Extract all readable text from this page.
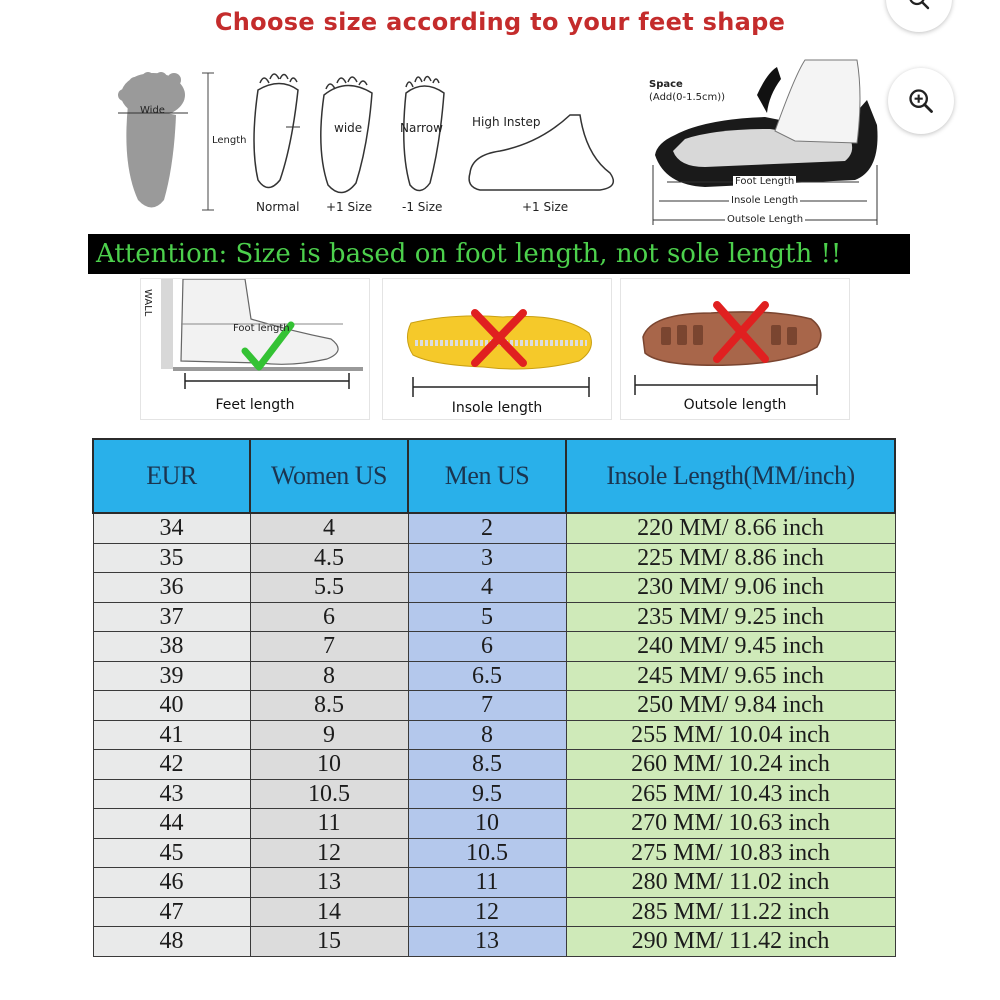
Choose size according to your feet shape
Wide
Length
wide	Narrow High Instep
Normal +1 Size -1 Size	+1 Size
Space
(Add(0-1.5cm))
Foot Length
Insole Length
Outsole Length
Attention: Size is based on foot length, not sole length !!
WALL
Foot length
Feet length	Insole length	Outsole length
EUR	Women US	Men US	Insole Length(MM/inch)
34	4	2	220 MM/ 8.66 inch
35	4.5	3	225 MM/ 8.86 inch
36	5.5	4	230 MM/ 9.06 inch
37	6	5	235 MM/ 9.25 inch
38	7	6	240 MM/ 9.45 inch
39	8	6.5	245 MM/ 9.65 inch
40	8.5	7	250 MM/ 9.84 inch
41	9	8	255 MM/ 10.04 inch
42	10	8.5	260 MM/ 10.24 inch
43	10.5	9.5	265 MM/ 10.43 inch
44	11	10	270 MM/ 10.63 inch
45	12	10.5	275 MM/ 10.83 inch
46	13	11	280 MM/ 11.02 inch
47	14	12	285 MM/ 11.22 inch
48	15	13	290 MM/ 11.42 inch
